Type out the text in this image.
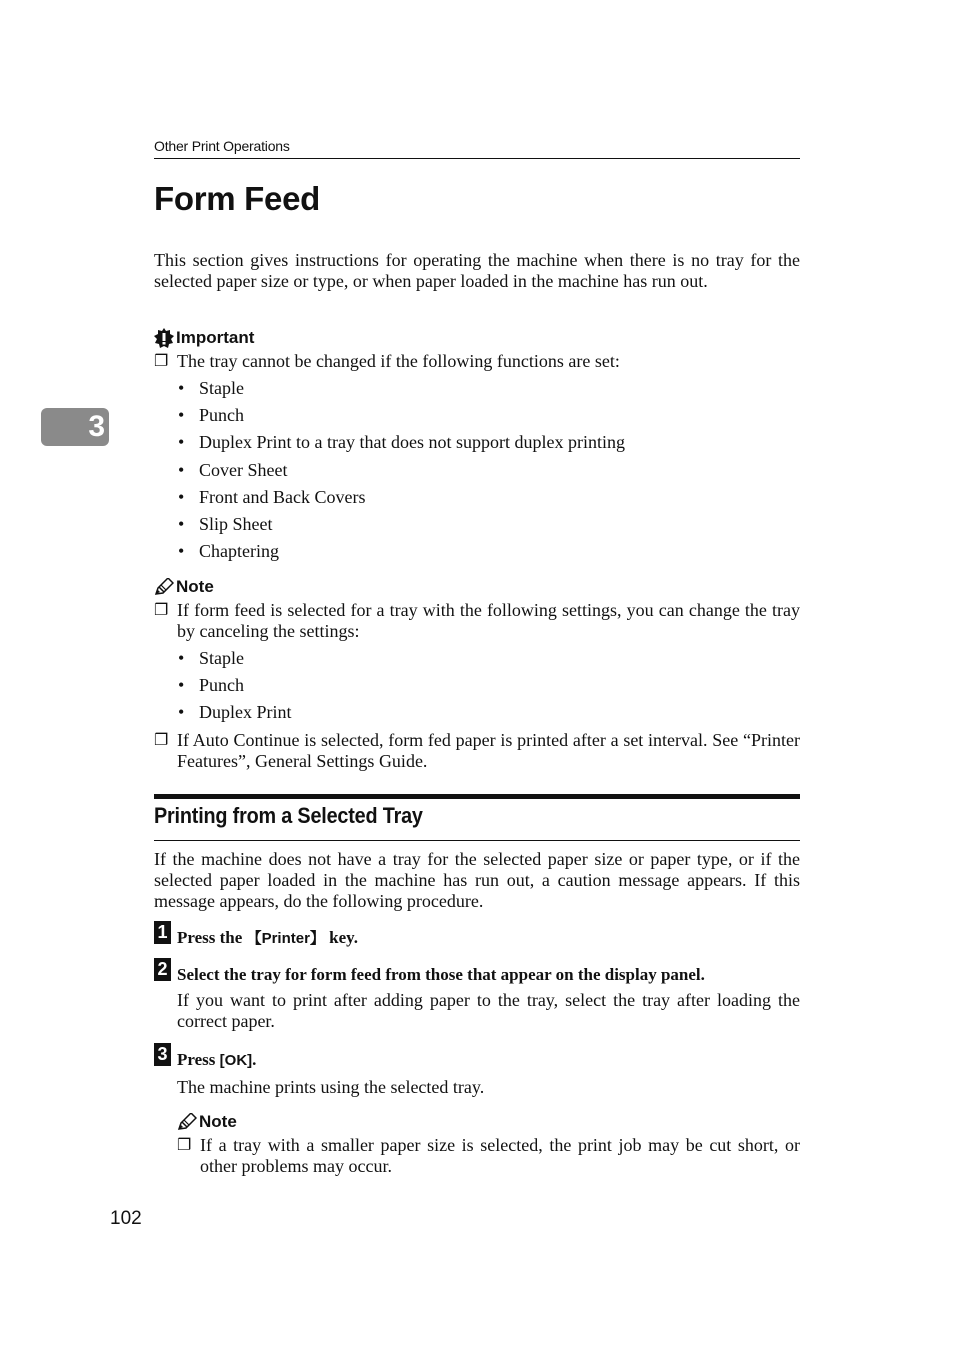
Other Print Operations
Form Feed
3
This section gives instructions for operating the machine when there is no tray for the selected paper size or type, or when paper loaded in the machine has run out.
Important
❐ The tray cannot be changed if the following functions are set:
• Staple
• Punch
• Duplex Print to a tray that does not support duplex printing
• Cover Sheet
• Front and Back Covers
• Slip Sheet
• Chaptering
Note
❐ If form feed is selected for a tray with the following settings, you can change the tray by canceling the settings:
• Staple
• Punch
• Duplex Print
❐ If Auto Continue is selected, form fed paper is printed after a set interval. See “Printer Features”, General Settings Guide.
Printing from a Selected Tray
If the machine does not have a tray for the selected paper size or paper type, or if the selected paper loaded in the machine has run out, a caution message appears. If this message appears, do the following procedure.
1 Press the 【Printer】 key.
2 Select the tray for form feed from those that appear on the display panel.
If you want to print after adding paper to the tray, select the tray after loading the correct paper.
3 Press [OK].
The machine prints using the selected tray.
Note
❐ If a tray with a smaller paper size is selected, the print job may be cut short, or other problems may occur.
102
